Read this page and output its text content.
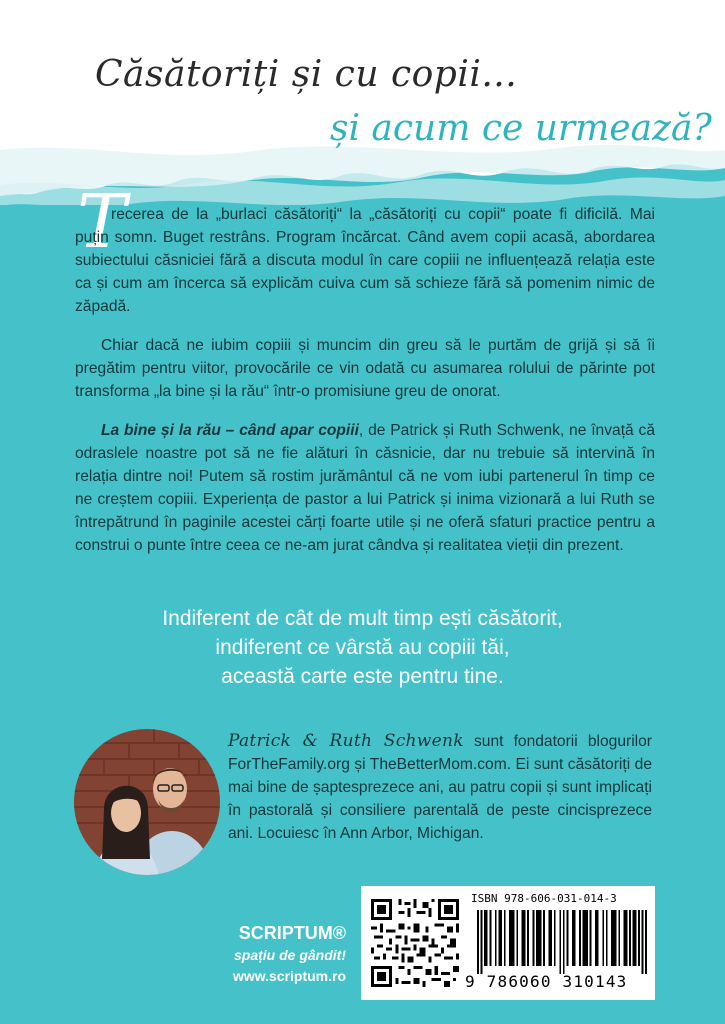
Căsătoriți și cu copii...
și acum ce urmează?
T

recerea de la „burlaci căsătoriți“ la „căsătoriți cu copii“ poate fi dificilă. Mai puțin somn. Buget restrâns. Program încărcat. Când avem copii acasă, abordarea subiectului căsniciei fără a discuta modul în care copiii ne influențează relația este ca și cum am încerca să explicăm cuiva cum să schieze fără să pomenim nimic de zăpadă.

Chiar dacă ne iubim copiii și muncim din greu să le purtăm de grijă și să îi pregătim pentru viitor, provocările ce vin odată cu asumarea rolului de părinte pot transforma „la bine și la rău“ într-o promisiune greu de onorat.

La bine și la rău – când apar copiii, de Patrick și Ruth Schwenk, ne învață că odraslele noastre pot să ne fie alături în căsnicie, dar nu trebuie să intervină în relația dintre noi! Putem să rostim jurământul că ne vom iubi partenerul în timp ce ne creștem copiii. Experiența de pastor a lui Patrick și inima vizionară a lui Ruth se întrepătrund în paginile acestei cărți foarte utile și ne oferă sfaturi practice pentru a construi o punte între ceea ce ne-am jurat cândva și realitatea vieții din prezent.

Indiferent de cât de mult timp ești căsătorit,
indiferent ce vârstă au copiii tăi,
această carte este pentru tine.
Patrick & Ruth Schwenk sunt fondatorii blogurilor ForTheFamily.org și TheBetterMom.com. Ei sunt căsătoriți de mai bine de șaptesprezece ani, au patru copii și sunt implicați în pastorală și consiliere parentală de peste cincisprezece ani. Locuiesc în Ann Arbor, Michigan.
SCRIPTUM®
spațiu de gândit!
www.scriptum.ro
ISBN 978-606-031-014-3
9 786060 310143
